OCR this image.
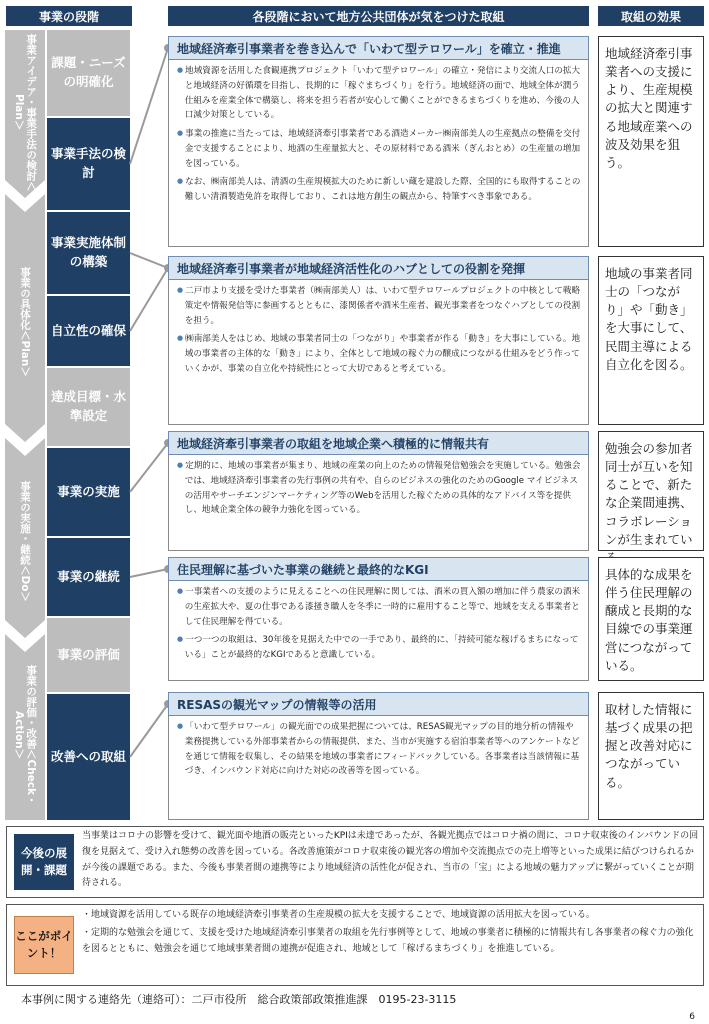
事業の段階	各段階において地方公共団体が気をつけた取組	取組の効果
事業アイデア・事業手法の検討＜Plan＞
事業の具体化＜Plan＞
事業の実施・継続＜Do＞
事業の評価・改善＜Check・Action＞
課題・ニーズの明確化
事業手法の検討
事業実施体制の構築
自立性の確保
達成目標・水準設定
事業の実施
事業の継続
事業の評価
改善への取組
地域経済牽引事業者を巻き込んで「いわて型テロワール」を確立・推進

● 地域資源を活用した食観連携プロジェクト「いわて型テロワール」の確立・発信により交流人口の拡大と地域経済の好循環を目指し、長期的に「稼ぐまちづくり」を行う。地域経済の面で、地域全体が潤う仕組みを産業全体で構築し、将来を担う若者が安心して働くことができるまちづくりを進め、今後の人口減少対策としている。

● 事業の推進に当たっては、地域経済牽引事業者である酒造メーカー㈱南部美人の生産拠点の整備を交付金で支援することにより、地酒の生産量拡大と、その原材料である酒米（ぎんおとめ）の生産量の増加を図っている。

● なお、㈱南部美人は、清酒の生産規模拡大のために新しい蔵を建設した際、全国的にも取得することの難しい清酒製造免許を取得しており、これは地方創生の観点から、特筆すべき事象である。

地域経済牽引事業者が地域経済活性化のハブとしての役割を発揮

● 二戸市より支援を受けた事業者（㈱南部美人）は、いわて型テロワールプロジェクトの中核として戦略策定や情報発信等に参画するとともに、漆関係者や酒米生産者、観光事業者をつなぐハブとしての役割を担う。

● ㈱南部美人をはじめ、地域の事業者同士の「つながり」や事業者が作る「動き」を大事にしている。地域の事業者の主体的な「動き」により、全体として地域の稼ぐ力の醸成につながる仕組みをどう作っていくかが、事業の自立化や持続性にとって大切であると考えている。

地域経済牽引事業者の取組を地域企業へ積極的に情報共有

● 定期的に、地域の事業者が集まり、地域の産業の向上のための情報発信勉強会を実施している。勉強会では、地域経済牽引事業者の先行事例の共有や、自らのビジネスの強化のためのGoogle マイビジネスの活用やサーチエンジンマーケティング等のWebを活用した稼ぐための具体的なアドバイス等を提供し、地域企業全体の競争力強化を図っている。

住民理解に基づいた事業の継続と最終的なKGI

● 一事業者への支援のように見えることへの住民理解に関しては、酒米の買入額の増加に伴う農家の酒米の生産拡大や、夏の仕事である漆掻き職人を冬季に一時的に雇用すること等で、地域を支える事業者として住民理解を得ている。

● 一つ一つの取組は、30年後を見据えた中での一手であり、最終的に、「持続可能な稼げるまちになっている」ことが最終的なKGIであると意識している。

RESASの観光マップの情報等の活用

● 「いわて型テロワール」の観光面での成果把握については、RESAS観光マップの目的地分析の情報や業務提携している外部事業者からの情報提供、また、当市が実施する宿泊事業者等へのアンケートなどを通じて情報を収集し、その結果を地域の事業者にフィードバックしている。各事業者は当該情報に基づき、インバウンド対応に向けた対応の改善等を図っている。

地域経済牽引事業者への支援により、生産規模の拡大と関連する地域産業への波及効果を狙う。
地域の事業者同士の「つながり」や「動き」を大事にして、民間主導による自立化を図る。
勉強会の参加者同士が互いを知ることで、新たな企業間連携、コラボレーションが生まれてい
具体的な成果を伴う住民理解の醸成と長期的な目線での事業運営につながっている。
取材した情報に基づく成果の把握と改善対応につながっている。
今後の展開・課題
当事業はコロナの影響を受けて、観光面や地酒の販売といったKPIは未達であったが、各観光拠点ではコロナ禍の間に、コロナ収束後のインバウンドの回復を見据えて、受け入れ態勢の改善を図っている。各改善施策がコロナ収束後の観光客の増加や交流拠点での売上増等といった成果に結びつけられるかが今後の課題である。また、今後も事業者間の連携等により地域経済の活性化が促され、当市の「宝」による地域の魅力アップに繋がっていくことが期待される。
ここがポイント！
・地域資源を活用している既存の地域経済牽引事業者の生産規模の拡大を支援することで、地域資源の活用拡大を図っている。
・定期的な勉強会を通じて、支援を受けた地域経済牽引事業者の取組を先行事例等として、地域の事業者に積極的に情報共有し各事業者の稼ぐ力の強化を図るとともに、勉強会を通じて地域事業者間の連携が促進され、地域として「稼げるまちづくり」を推進している。
本事例に関する連絡先（連絡可）：二戸市役所　総合政策部政策推進課　0195-23-3115
6
